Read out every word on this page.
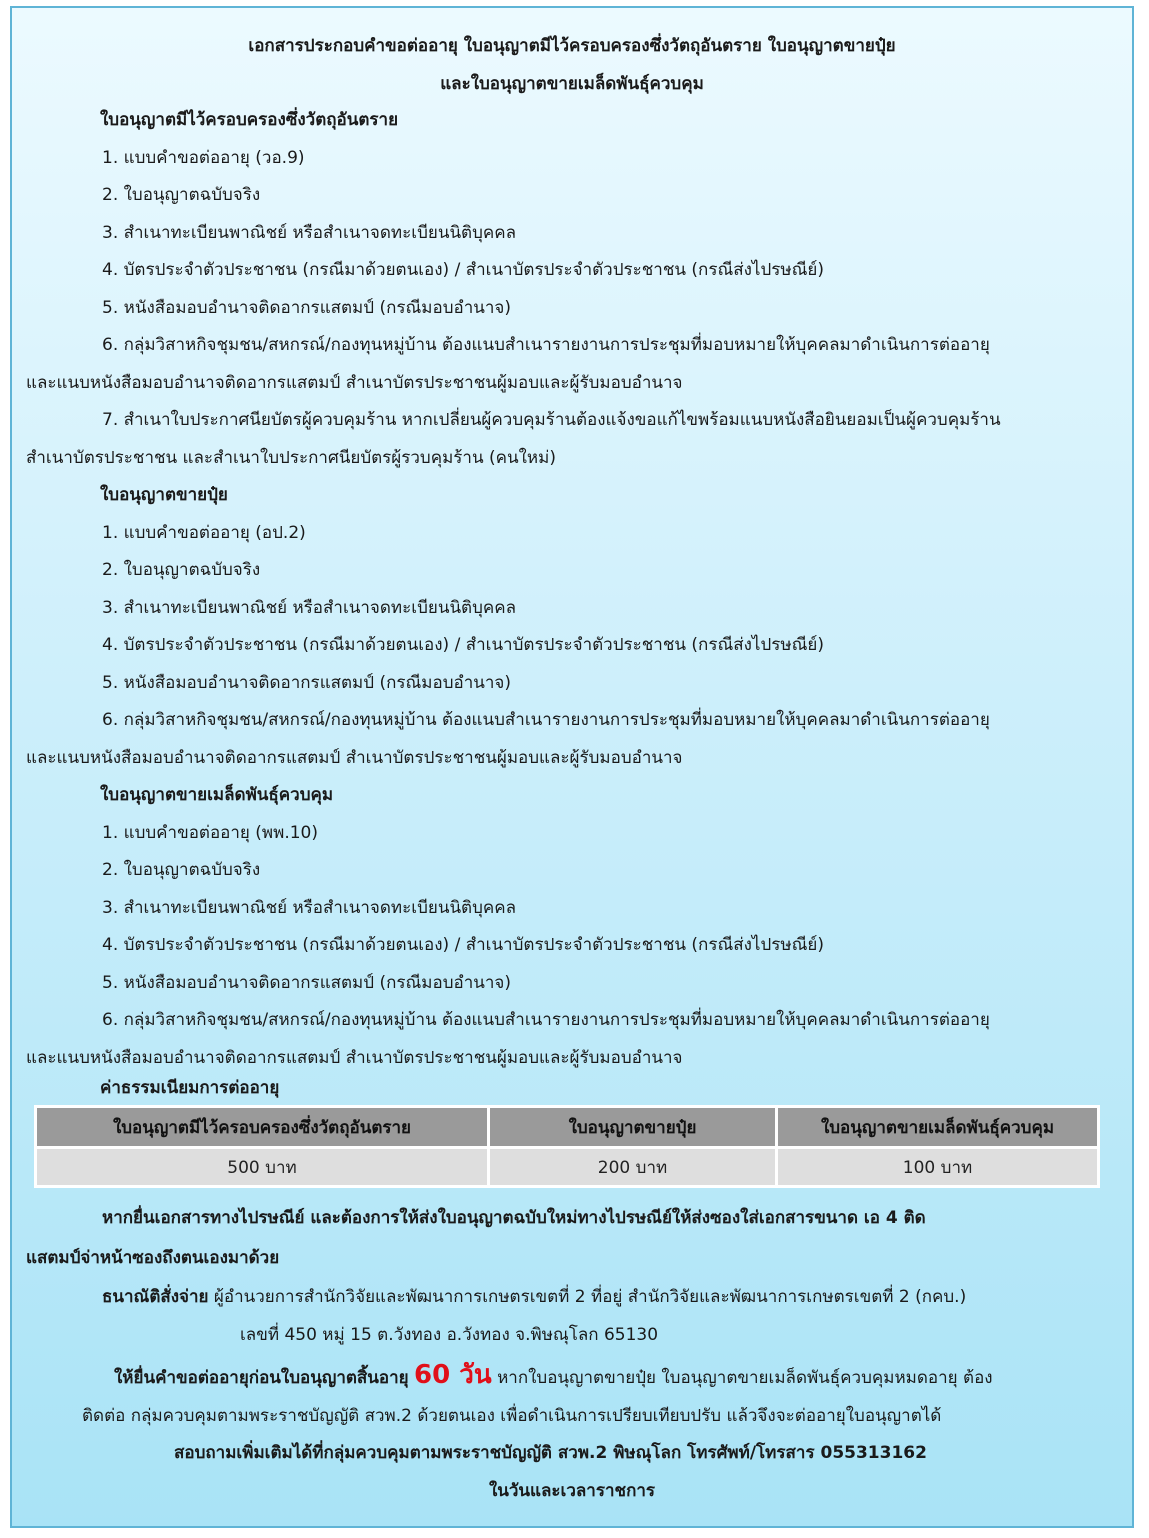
เอกสารประกอบคำขอต่ออายุ ใบอนุญาตมีไว้ครอบครองซึ่งวัตถุอันตราย ใบอนุญาตขายปุ๋ย
และใบอนุญาตขายเมล็ดพันธุ์ควบคุม
ใบอนุญาตมีไว้ครอบครองซึ่งวัตถุอันตราย
1. แบบคำขอต่ออายุ (วอ.9)
2. ใบอนุญาตฉบับจริง
3. สำเนาทะเบียนพาณิชย์ หรือสำเนาจดทะเบียนนิติบุคคล
4. บัตรประจำตัวประชาชน (กรณีมาด้วยตนเอง) / สำเนาบัตรประจำตัวประชาชน (กรณีส่งไปรษณีย์)
5. หนังสือมอบอำนาจติดอากรแสตมป์ (กรณีมอบอำนาจ)
6. กลุ่มวิสาหกิจชุมชน/สหกรณ์/กองทุนหมู่บ้าน ต้องแนบสำเนารายงานการประชุมที่มอบหมายให้บุคคลมาดำเนินการต่ออายุ
และแนบหนังสือมอบอำนาจติดอากรแสตมป์ สำเนาบัตรประชาชนผู้มอบและผู้รับมอบอำนาจ
7. สำเนาใบประกาศนียบัตรผู้ควบคุมร้าน หากเปลี่ยนผู้ควบคุมร้านต้องแจ้งขอแก้ไขพร้อมแนบหนังสือยินยอมเป็นผู้ควบคุมร้าน
สำเนาบัตรประชาชน และสำเนาใบประกาศนียบัตรผู้รวบคุมร้าน (คนใหม่)
ใบอนุญาตขายปุ๋ย
1. แบบคำขอต่ออายุ (อป.2)
2. ใบอนุญาตฉบับจริง
3. สำเนาทะเบียนพาณิชย์ หรือสำเนาจดทะเบียนนิติบุคคล
4. บัตรประจำตัวประชาชน (กรณีมาด้วยตนเอง) / สำเนาบัตรประจำตัวประชาชน (กรณีส่งไปรษณีย์)
5. หนังสือมอบอำนาจติดอากรแสตมป์ (กรณีมอบอำนาจ)
6. กลุ่มวิสาหกิจชุมชน/สหกรณ์/กองทุนหมู่บ้าน ต้องแนบสำเนารายงานการประชุมที่มอบหมายให้บุคคลมาดำเนินการต่ออายุ
และแนบหนังสือมอบอำนาจติดอากรแสตมป์ สำเนาบัตรประชาชนผู้มอบและผู้รับมอบอำนาจ
ใบอนุญาตขายเมล็ดพันธุ์ควบคุม
1. แบบคำขอต่ออายุ (พพ.10)
2. ใบอนุญาตฉบับจริง
3. สำเนาทะเบียนพาณิชย์ หรือสำเนาจดทะเบียนนิติบุคคล
4. บัตรประจำตัวประชาชน (กรณีมาด้วยตนเอง) / สำเนาบัตรประจำตัวประชาชน (กรณีส่งไปรษณีย์)
5. หนังสือมอบอำนาจติดอากรแสตมป์ (กรณีมอบอำนาจ)
6. กลุ่มวิสาหกิจชุมชน/สหกรณ์/กองทุนหมู่บ้าน ต้องแนบสำเนารายงานการประชุมที่มอบหมายให้บุคคลมาดำเนินการต่ออายุ
และแนบหนังสือมอบอำนาจติดอากรแสตมป์ สำเนาบัตรประชาชนผู้มอบและผู้รับมอบอำนาจ
ค่าธรรมเนียมการต่ออายุ
ใบอนุญาตมีไว้ครอบครองซึ่งวัตถุอันตราย	ใบอนุญาตขายปุ๋ย	ใบอนุญาตขายเมล็ดพันธุ์ควบคุม
500 บาท	200 บาท	100 บาท
หากยื่นเอกสารทางไปรษณีย์ และต้องการให้ส่งใบอนุญาตฉบับใหม่ทางไปรษณีย์ให้ส่งซองใส่เอกสารขนาด เอ 4 ติด
แสตมป์จ่าหน้าซองถึงตนเองมาด้วย
ธนาณัติสั่งจ่าย ผู้อำนวยการสำนักวิจัยและพัฒนาการเกษตรเขตที่ 2 ที่อยู่ สำนักวิจัยและพัฒนาการเกษตรเขตที่ 2 (กคบ.)
เลขที่ 450 หมู่ 15 ต.วังทอง อ.วังทอง จ.พิษณุโลก 65130
ให้ยื่นคำขอต่ออายุก่อนใบอนุญาตสิ้นอายุ 60 วัน หากใบอนุญาตขายปุ๋ย ใบอนุญาตขายเมล็ดพันธุ์ควบคุมหมดอายุ ต้อง
ติดต่อ กลุ่มควบคุมตามพระราชบัญญัติ สวพ.2 ด้วยตนเอง เพื่อดำเนินการเปรียบเทียบปรับ แล้วจึงจะต่ออายุใบอนุญาตได้
สอบถามเพิ่มเติมได้ที่กลุ่มควบคุมตามพระราชบัญญัติ สวพ.2 พิษณุโลก โทรศัพท์/โทรสาร 055313162
ในวันและเวลาราชการ
